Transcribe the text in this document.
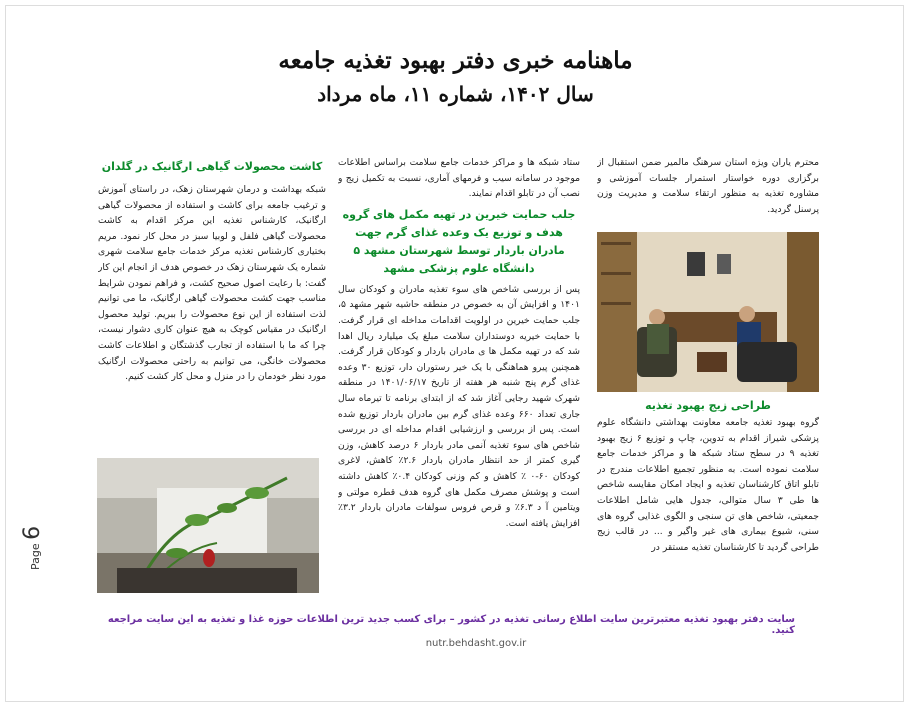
ماهنامه خبری دفتر بهبود تغذیه جامعه
سال ۱۴۰۲، شماره ۱۱، ماه مرداد
محترم یاران ویژه استان سرهنگ مالمیر ضمن استقبال از برگزاری دوره خواستار استمرار جلسات آموزشی و مشاوره تغذیه به منظور ارتقاء سلامت و مدیریت وزن پرسنل گردید.
طراحی زیج بهبود تغذیه
گروه بهبود تغذیه جامعه معاونت بهداشتی دانشگاه علوم پزشکی شیراز اقدام به تدوین، چاپ و توزیع ۶ زیج بهبود تغذیه ۹ در سطح ستاد شبکه ها و مراکز خدمات جامع سلامت نموده است. به منظور تجمیع اطلاعات مندرج در تابلو اتاق کارشناسان تغذیه و ایجاد امکان مقایسه شاخص ها طی ۳ سال متوالی، جدول هایی شامل اطلاعات جمعیتی، شاخص های تن سنجی و الگوی غذایی گروه های سنی، شیوع بیماری های غیر واگیر و ... در قالب زیج طراحی گردید تا کارشناسان تغذیه مستقر در
ستاد شبکه ها و مراکز خدمات جامع سلامت براساس اطلاعات موجود در سامانه سیب و فرمهای آماری، نسبت به تکمیل زیج و نصب آن در تابلو اقدام نمایند.
جلب حمایت خیرین در تهیه مکمل های گروه هدف و توزیع یک وعده غذای گرم جهت مادران باردار توسط شهرستان مشهد ۵ دانشگاه علوم پزشکی مشهد
پس از بررسی شاخص های سوء تغذیه مادران و کودکان سال ۱۴۰۱ و افزایش آن به خصوص در منطقه حاشیه شهر مشهد ۵، جلب حمایت خیرین در اولویت اقدامات مداخله ای قرار گرفت. با حمایت خیریه دوستداران سلامت مبلغ یک میلیارد ریال اهدا شد که در تهیه مکمل ها ی مادران باردار و کودکان قرار گرفت. همچنین پیرو هماهنگی با یک خیر رستوران دار، توزیع ۳۰ وعده غذای گرم پنج شنبه هر هفته از تاریخ ۱۴۰۱/۰۶/۱۷ در منطقه شهرک شهید رجایی آغاز شد که از ابتدای برنامه تا تیرماه سال جاری تعداد ۶۶۰ وعده غذای گرم بین مادران باردار توزیع شده است. پس از بررسی و ارزشیابی اقدام مداخله ای در بررسی شاخص های سوء تغذیه آنمی مادر باردار ۶ درصد کاهش، وزن گیری کمتر از حد انتظار مادران باردار ۲.۶٪ کاهش، لاغری کودکان ۶۰-۰ ٪ کاهش و کم وزنی کودکان ۰.۴٪ کاهش داشته است و پوشش مصرف مکمل های گروه هدف قطره مولتی و ویتامین آ د ۶.۳٪ و قرص فروس سولفات مادران باردار ۳.۲٪ افزایش یافته است.
کاشت محصولات گیاهی ارگانیک در گلدان
شبکه بهداشت و درمان شهرستان زهک، در راستای آموزش و ترغیب جامعه برای کاشت و استفاده از محصولات گیاهی ارگانیک، کارشناس تغذیه این مرکز اقدام به کاشت محصولات گیاهی فلفل و لوبیا سبز در محل کار نمود. مریم بختیاری کارشناس تغذیه مرکز خدمات جامع سلامت شهری شماره یک شهرستان زهک در خصوص هدف از انجام این کار گفت: با رعایت اصول صحیح کشت، و فراهم نمودن شرایط مناسب جهت کشت محصولات گیاهی ارگانیک، ما می توانیم لذت استفاده از این نوع محصولات را ببریم. تولید محصول ارگانیک در مقیاس کوچک به هیچ عنوان کاری دشوار نیست، چرا که ما با استفاده از تجارب گذشتگان و اطلاعات کاشت محصولات خانگی، می توانیم به راحتی محصولات ارگانیک مورد نظر خودمان را در منزل و محل کار کشت کنیم.
سایت دفتر بهبود تغذیه معتبرترین سایت اطلاع رسانی تغذیه در کشور – برای کسب جدید ترین اطلاعات حوزه غذا و تغذیه به این سایت مراجعه کنید.
nutr.behdasht.gov.ir
Page 6
